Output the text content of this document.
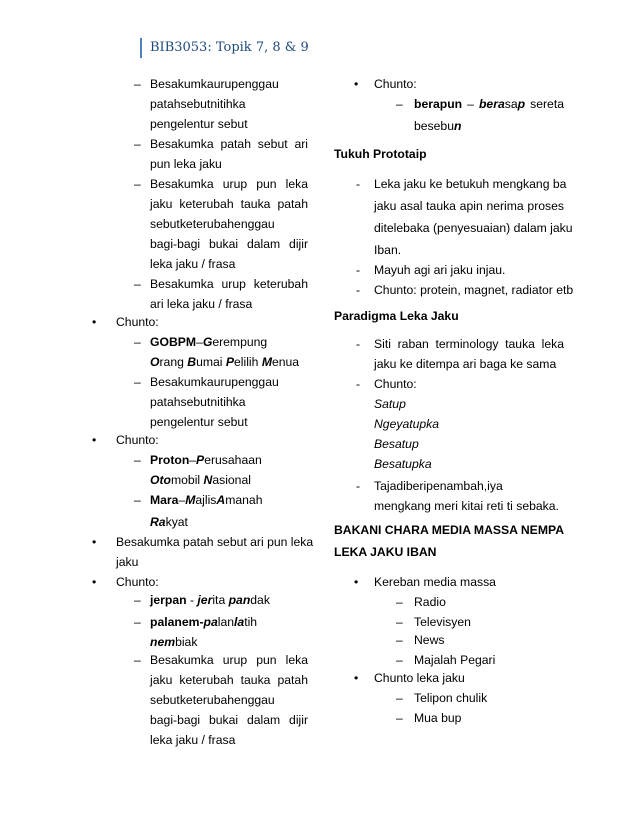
BIB3053: Topik 7, 8 & 9
– Besakumkaurupenggau
patahsebutnitihka
pengelentur sebut
– Besakumka patah sebut ari
pun leka jaku
– Besakumka urup pun leka
jaku keterubah tauka patah
sebutketerubahenggau
bagi-bagi bukai dalam dijir
leka jaku / frasa
– Besakumka urup keterubah
ari leka jaku / frasa
• Chunto:
– GOBPM–Gerempung
Orang Bumai Pelilih Menua
– Besakumkaurupenggau
patahsebutnitihka
pengelentur sebut
• Chunto:
– Proton–Perusahaan
Otomobil Nasional
– Mara–MajlisAmanah
Rakyat
• Besakumka patah sebut ari pun leka
jaku
• Chunto:
– jerpan - jerita pandak
– palanem-palanlatih
nembiak
– Besakumka urup pun leka
jaku keterubah tauka patah
sebutketerubahenggau
bagi-bagi bukai dalam dijir
leka jaku / frasa
• Chunto:
– berapun – berasap sereta
besebun
Tukuh Prototaip
- Leka jaku ke betukuh mengkang ba
jaku asal tauka apin nerima proses
ditelebaka (penyesuaian) dalam jaku
Iban.
- Mayuh agi ari jaku injau.
- Chunto: protein, magnet, radiator etb
Paradigma Leka Jaku
- Siti raban terminology tauka leka
jaku ke ditempa ari baga ke sama
- Chunto:
Satup
Ngeyatupka
Besatup
Besatupka
- Tajadiberipenambah,iya
mengkang meri kitai reti ti sebaka.
BAKANI CHARA MEDIA MASSA NEMPA
LEKA JAKU IBAN
• Kereban media massa
– Radio
– Televisyen
– News
– Majalah Pegari
• Chunto leka jaku
– Telipon chulik
– Mua bup
